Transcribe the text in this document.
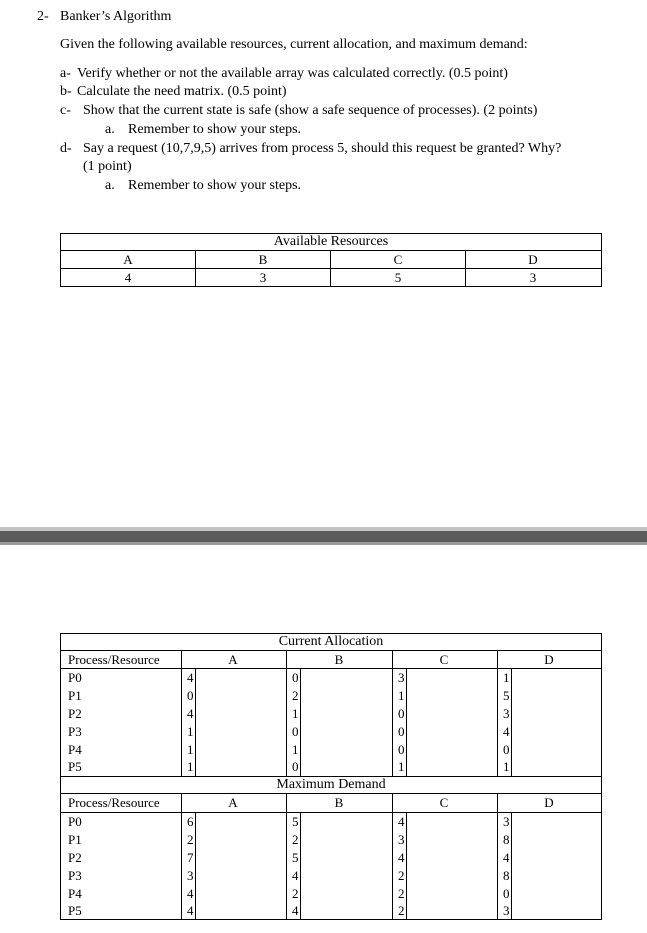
2- Banker’s Algorithm
Given the following available resources, current allocation, and maximum demand:
a- Verify whether or not the available array was calculated correctly. (0.5 point)
b- Calculate the need matrix. (0.5 point)
c- Show that the current state is safe (show a safe sequence of processes). (2 points)
a. Remember to show your steps.
d- Say a request (10,7,9,5) arrives from process 5, should this request be granted? Why?
(1 point)
a. Remember to show your steps.
Available Resources
A	B	C	D
4	3	5	3
Current Allocation
Maximum Demand
Process/Resource	A	B	C	D
Process/Resource	A	B	C	D
P0	4	0	3	1
P1	0	2	1	5
P2	4	1	0	3
P3	1	0	0	4
P4	1	1	0	0
P5	1	0	1	1
P0	6	5	4	3
P1	2	2	3	8
P2	7	5	4	4
P3	3	4	2	8
P4	4	2	2	0
P5	4	4	2	3
